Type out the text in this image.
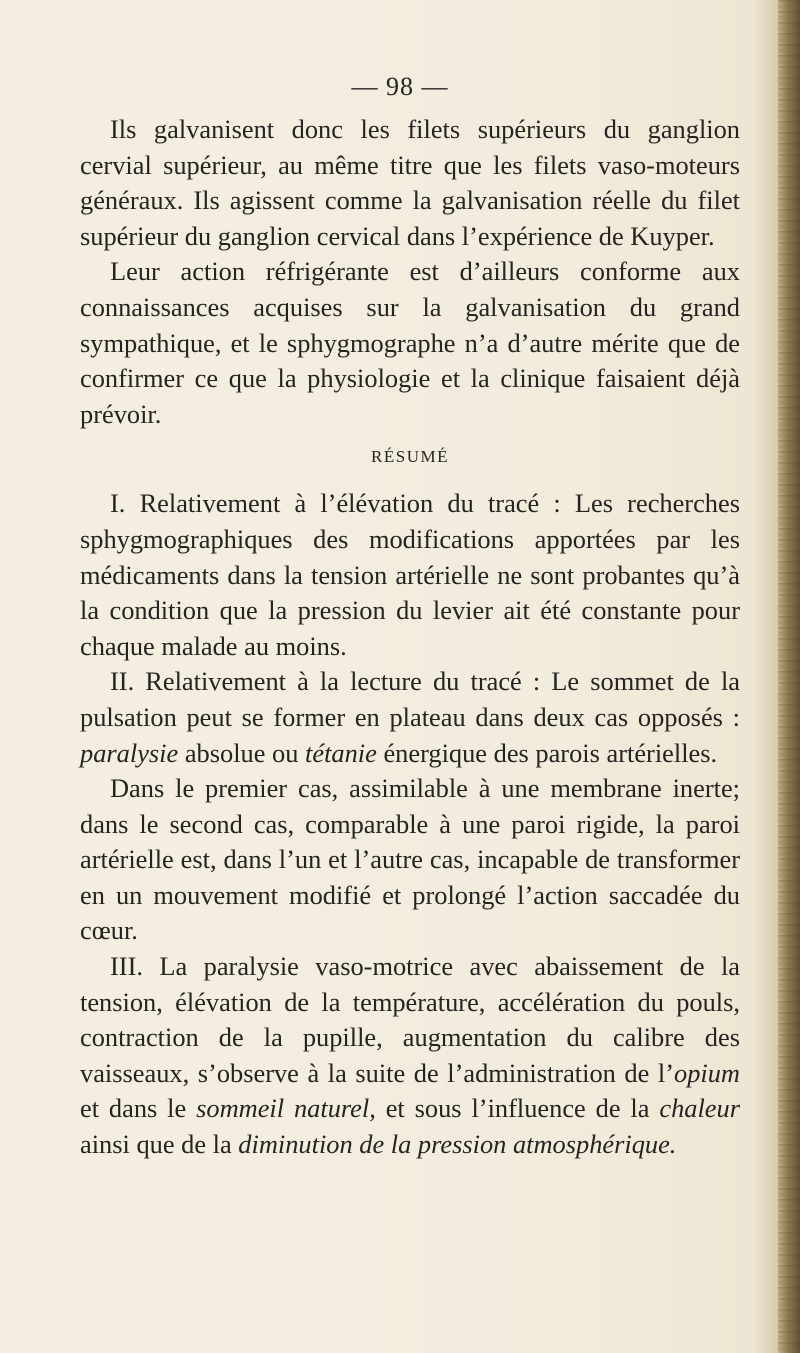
— 98 —

Ils galvanisent donc les filets supérieurs du ganglion cervial supérieur, au même titre que les filets vaso-moteurs généraux. Ils agissent comme la galvanisation réelle du filet supérieur du ganglion cervical dans l’expérience de Kuyper.

Leur action réfrigérante est d’ailleurs conforme aux connaissances acquises sur la galvanisation du grand sympathique, et le sphygmographe n’a d’autre mérite que de confirmer ce que la physiologie et la clinique faisaient déjà prévoir.

RÉSUMÉ

I. Relativement à l’élévation du tracé : Les recherches sphygmographiques des modifications apportées par les médicaments dans la tension artérielle ne sont probantes qu’à la condition que la pression du levier ait été constante pour chaque malade au moins.

II. Relativement à la lecture du tracé : Le sommet de la pulsation peut se former en plateau dans deux cas opposés : paralysie absolue ou tétanie énergique des parois artérielles.

Dans le premier cas, assimilable à une membrane inerte; dans le second cas, comparable à une paroi rigide, la paroi artérielle est, dans l’un et l’autre cas, incapable de transformer en un mouvement modifié et prolongé l’action saccadée du cœur.

III. La paralysie vaso-motrice avec abaissement de la tension, élévation de la température, accélération du pouls, contraction de la pupille, augmentation du calibre des vaisseaux, s’observe à la suite de l’administration de l’opium et dans le sommeil naturel, et sous l’influence de la chaleur ainsi que de la diminution de la pression atmosphérique.
